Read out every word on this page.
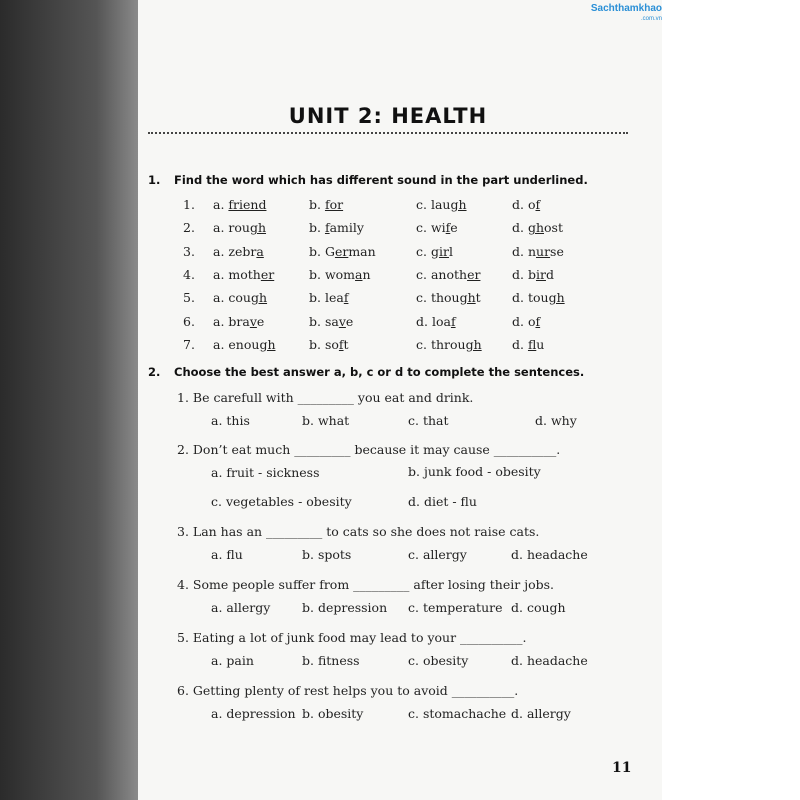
Sachthamkhao
.com.vn
UNIT 2: HEALTH
1. Find the word which has different sound in the part underlined.
1. a. friend	b. for	c. laugh	d. of
2. a. rough	b. family	c. wife	d. ghost
3. a. zebra	b. German	c. girl	d. nurse
4. a. mother	b. woman	c. another	d. bird
5. a. cough	b. leaf	c. thought	d. tough
6. a. brave	b. save	d. loaf	d. of
7. a. enough	b. soft	c. through d. flu
2. Choose the best answer a, b, c or d to complete the sentences.
1. Be carefull with _________ you eat and drink.
a. this	b. what	c. that	d. why
2. Don’t eat much _________ because it may cause __________.
a. fruit - sickness	b. junk food - obesity
c. vegetables - obesity	d. diet - flu
3. Lan has an _________ to cats so she does not raise cats.
a. flu	b. spots	c. allergy	d. headache
4. Some people suffer from _________ after losing their jobs.
a. allergy	b. depression c. temperature d. cough
5. Eating a lot of junk food may lead to your __________.
a. pain	b. fitness	c. obesity	d. headache
6. Getting plenty of rest helps you to avoid __________.
a. depression b. obesity	c. stomachache d. allergy
11
